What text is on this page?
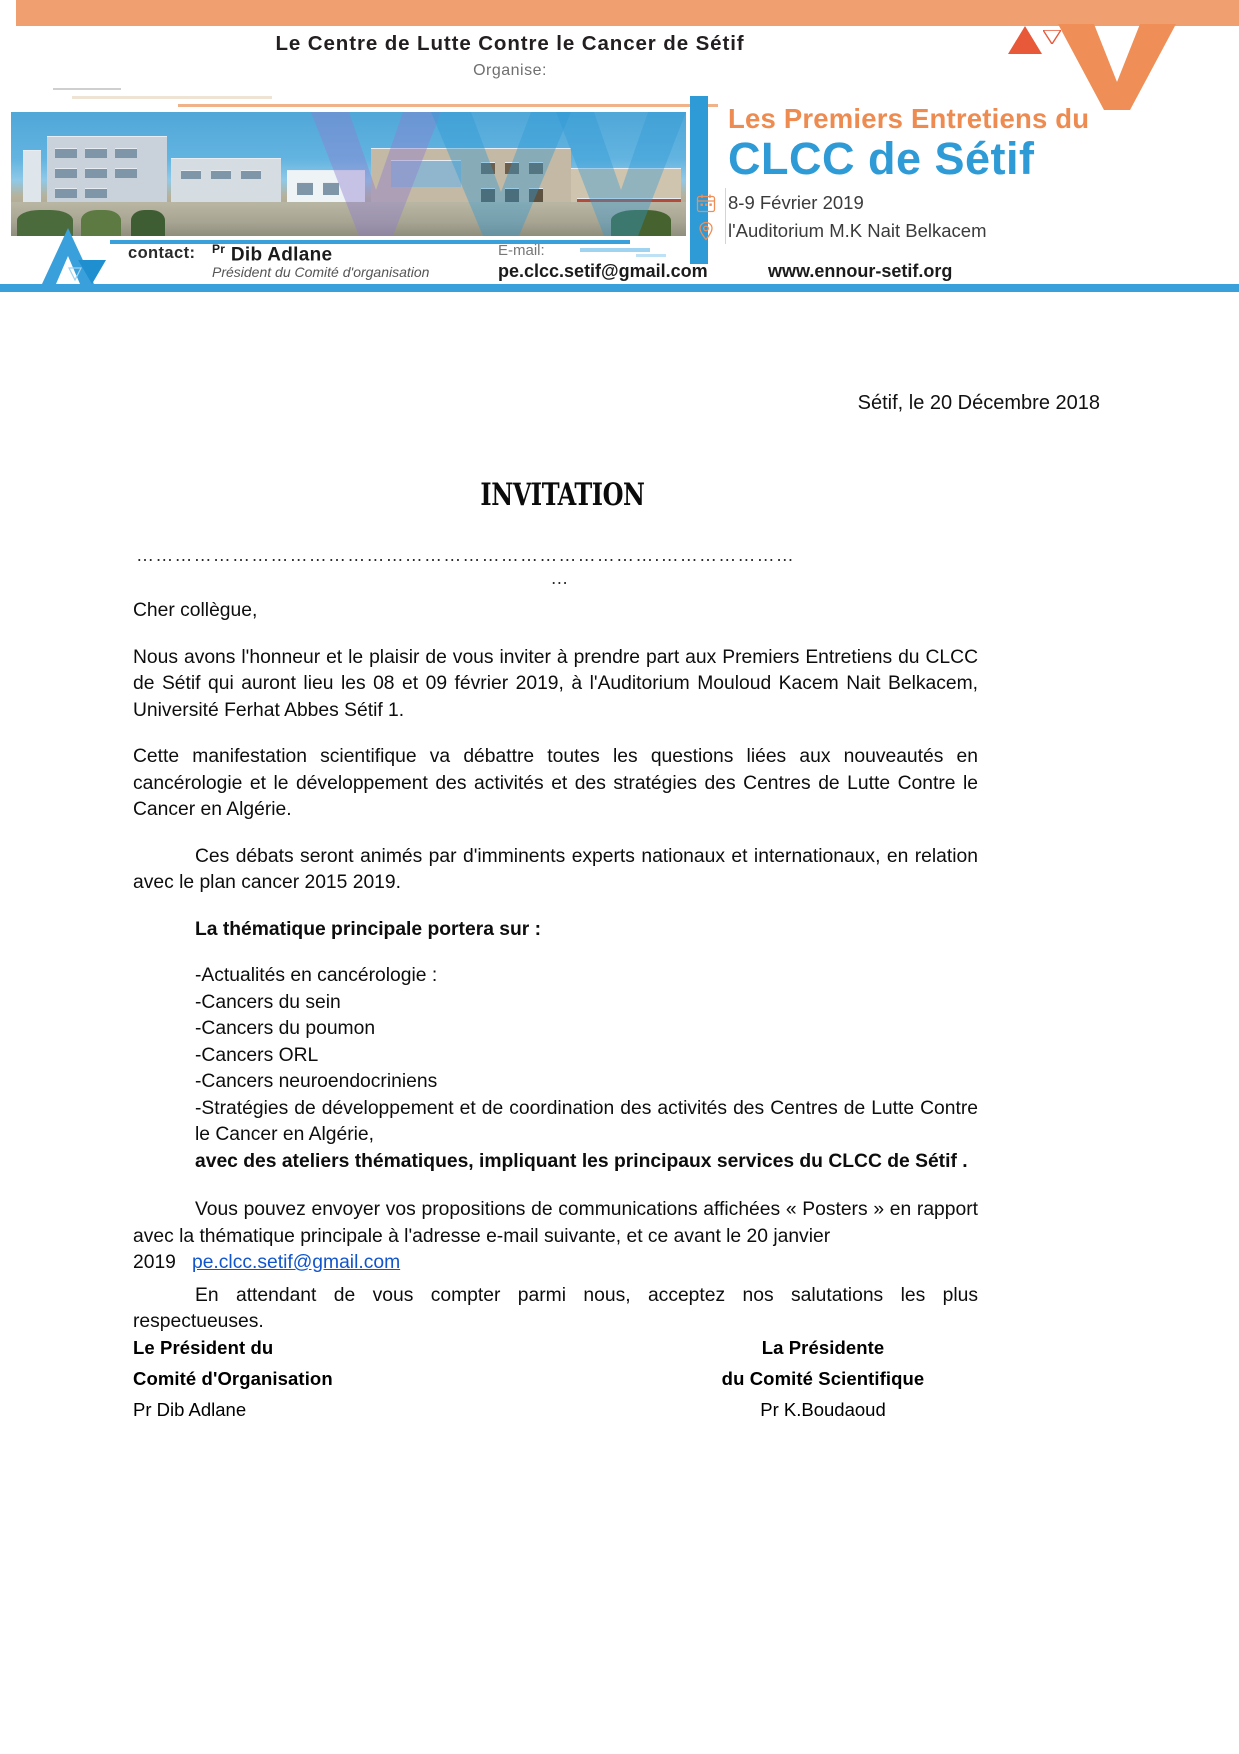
Le Centre de Lutte Contre le Cancer de Sétif
Organise:
Les Premiers Entretiens du
CLCC de Sétif
8-9 Février 2019
l'Auditorium M.K Nait Belkacem
contact: $^{Pr}$ Dib Adlane
Président du Comité d'organisation
E-mail:
pe.clcc.setif@gmail.com	www.ennour-setif.org
Sétif, le 20 Décembre 2018
INVITATION
……………………………………………………………………….…………………
…

Cher collègue,

Nous avons l'honneur et le plaisir de vous inviter à prendre part aux Premiers Entretiens du CLCC de Sétif qui auront lieu les 08 et 09 février 2019, à l'Auditorium Mouloud Kacem Nait Belkacem, Université Ferhat Abbes Sétif 1.

Cette manifestation scientifique va débattre toutes les questions liées aux nouveautés en cancérologie et le développement des activités et des stratégies des Centres de Lutte Contre le Cancer en Algérie.

Ces débats seront animés par d'imminents experts nationaux et internationaux, en relation avec le plan cancer 2015 2019.

La thématique principale portera sur :

-Actualités en cancérologie :
-Cancers du sein
-Cancers du poumon
-Cancers ORL
-Cancers neuroendocriniens
-Stratégies de développement et de coordination des activités des Centres de Lutte Contre le Cancer en Algérie,
avec des ateliers thématiques, impliquant les principaux services du CLCC de Sétif .

Vous pouvez envoyer vos propositions de communications affichées « Posters » en rapport avec la thématique principale à l'adresse e-mail suivante, et ce avant le 20 janvier

2019 pe.clcc.setif@gmail.com

En attendant de vous compter parmi nous, acceptez nos salutations les plus respectueuses.

Le Président du
Comité d'Organisation
Pr Dib Adlane
La Présidente
du Comité Scientifique
Pr K.Boudaoud
